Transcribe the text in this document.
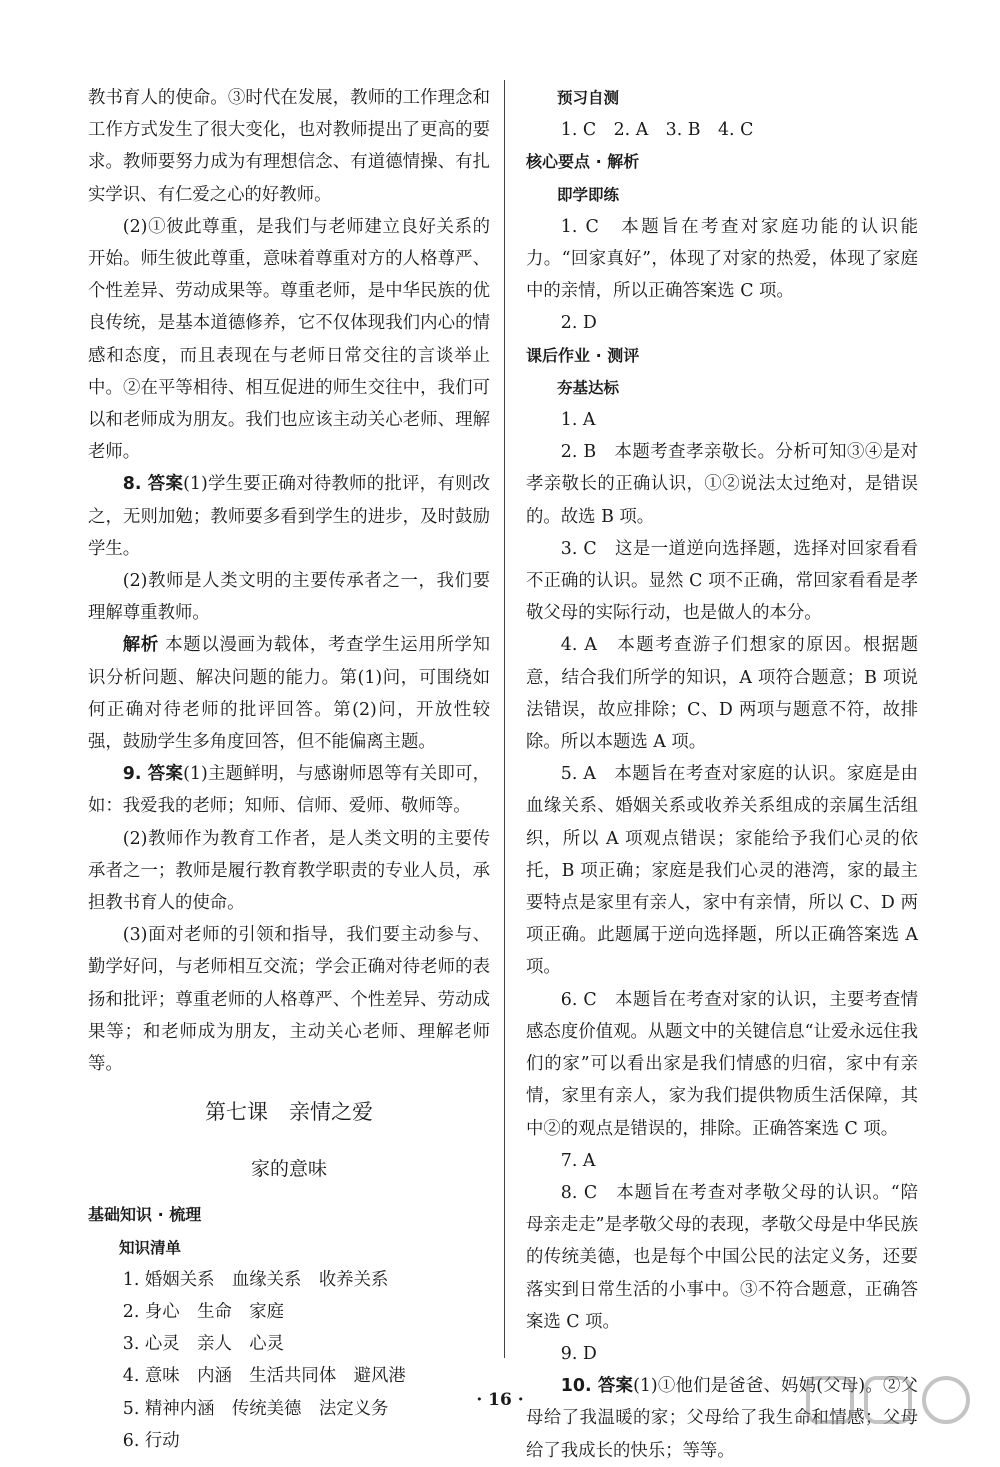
教书育人的使命。③时代在发展，教师的工作理念和工作方式发生了很大变化，也对教师提出了更高的要求。教师要努力成为有理想信念、有道德情操、有扎实学识、有仁爱之心的好教师。

(2)①彼此尊重，是我们与老师建立良好关系的开始。师生彼此尊重，意味着尊重对方的人格尊严、个性差异、劳动成果等。尊重老师，是中华民族的优良传统，是基本道德修养，它不仅体现我们内心的情感和态度，而且表现在与老师日常交往的言谈举止中。②在平等相待、相互促进的师生交往中，我们可以和老师成为朋友。我们也应该主动关心老师、理解老师。

8. 答案(1)学生要正确对待教师的批评，有则改之，无则加勉；教师要多看到学生的进步，及时鼓励学生。

(2)教师是人类文明的主要传承者之一，我们要理解尊重教师。

解析 本题以漫画为载体，考查学生运用所学知识分析问题、解决问题的能力。第(1)问，可围绕如何正确对待老师的批评回答。第(2)问，开放性较强，鼓励学生多角度回答，但不能偏离主题。

9. 答案(1)主题鲜明，与感谢师恩等有关即可，如：我爱我的老师；知师、信师、爱师、敬师等。

(2)教师作为教育工作者，是人类文明的主要传承者之一；教师是履行教育教学职责的专业人员，承担教书育人的使命。

(3)面对老师的引领和指导，我们要主动参与、勤学好问，与老师相互交流；学会正确对待老师的表扬和批评；尊重老师的人格尊严、个性差异、劳动成果等；和老师成为朋友，主动关心老师、理解老师等。

第七课　亲情之爱

家的意味

基础知识 · 梳理

知识清单

1. 婚姻关系　血缘关系　收养关系

2. 身心　生命　家庭

3. 心灵　亲人　心灵

4. 意味　内涵　生活共同体　避风港

5. 精神内涵　传统美德　法定义务

6. 行动

预习自测

1. C　2. A　3. B　4. C

核心要点 · 解析

即学即练

1. C　本题旨在考查对家庭功能的认识能力。“回家真好”，体现了对家的热爱，体现了家庭中的亲情，所以正确答案选 C 项。

2. D

课后作业 · 测评

夯基达标

1. A

2. B　本题考查孝亲敬长。分析可知③④是对孝亲敬长的正确认识，①②说法太过绝对，是错误的。故选 B 项。

3. C　这是一道逆向选择题，选择对回家看看不正确的认识。显然 C 项不正确，常回家看看是孝敬父母的实际行动，也是做人的本分。

4. A　本题考查游子们想家的原因。根据题意，结合我们所学的知识，A 项符合题意；B 项说法错误，故应排除；C、D 两项与题意不符，故排除。所以本题选 A 项。

5. A　本题旨在考查对家庭的认识。家庭是由血缘关系、婚姻关系或收养关系组成的亲属生活组织，所以 A 项观点错误；家能给予我们心灵的依托，B 项正确；家庭是我们心灵的港湾，家的最主要特点是家里有亲人，家中有亲情，所以 C、D 两项正确。此题属于逆向选择题，所以正确答案选 A 项。

6. C　本题旨在考查对家的认识，主要考查情感态度价值观。从题文中的关键信息“让爱永远住我们的家”可以看出家是我们情感的归宿，家中有亲情，家里有亲人，家为我们提供物质生活保障，其中②的观点是错误的，排除。正确答案选 C 项。

7. A

8. C　本题旨在考查对孝敬父母的认识。“陪母亲走走”是孝敬父母的表现，孝敬父母是中华民族的传统美德，也是每个中国公民的法定义务，还要落实到日常生活的小事中。③不符合题意，正确答案选 C 项。

9. D

10. 答案(1)①他们是爸爸、妈妈(父母)。②父母给了我温暖的家；父母给了我生命和情感；父母给了我成长的快乐；等等。

· 16 ·
